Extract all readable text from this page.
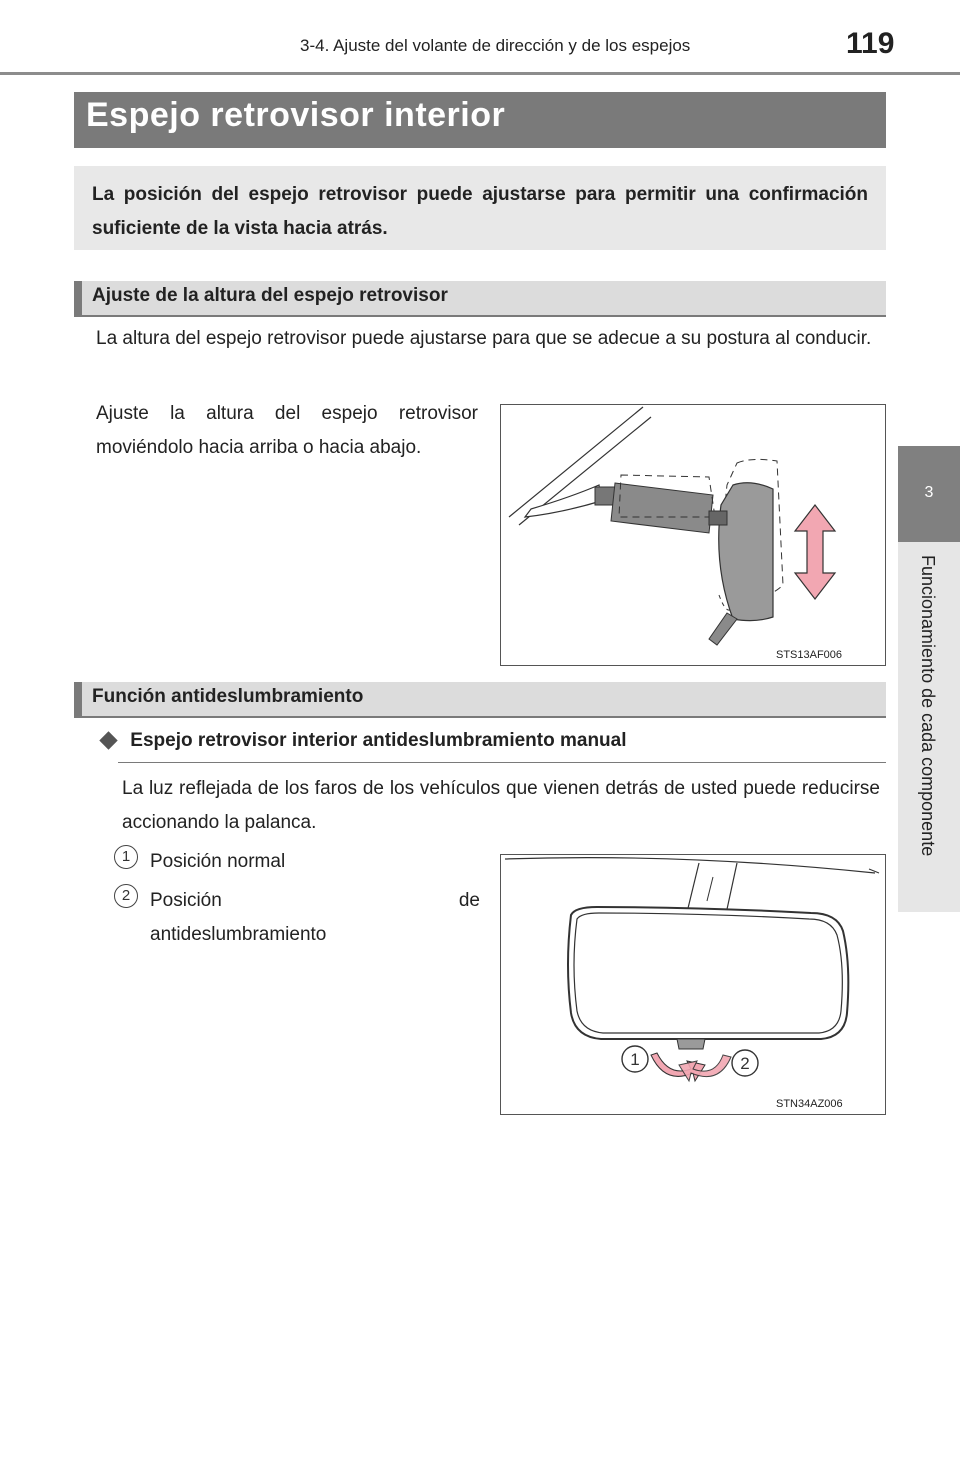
3-4. Ajuste del volante de dirección y de los espejos	119
3
Funcionamiento de cada componente
Espejo retrovisor interior
La posición del espejo retrovisor puede ajustarse para permitir una confirmación suficiente de la vista hacia atrás.
Ajuste de la altura del espejo retrovisor
La altura del espejo retrovisor puede ajustarse para que se adecue a su postura al conducir.
Ajuste la altura del espejo retrovisor moviéndolo hacia arriba o hacia abajo.
STS13AF006
Función antideslumbramiento
Espejo retrovisor interior antideslumbramiento manual
La luz reflejada de los faros de los vehículos que vienen detrás de usted puede reducirse accionando la palanca.
1	Posición normal
2	Posición	de
antideslumbramiento
1	2
STN34AZ006
